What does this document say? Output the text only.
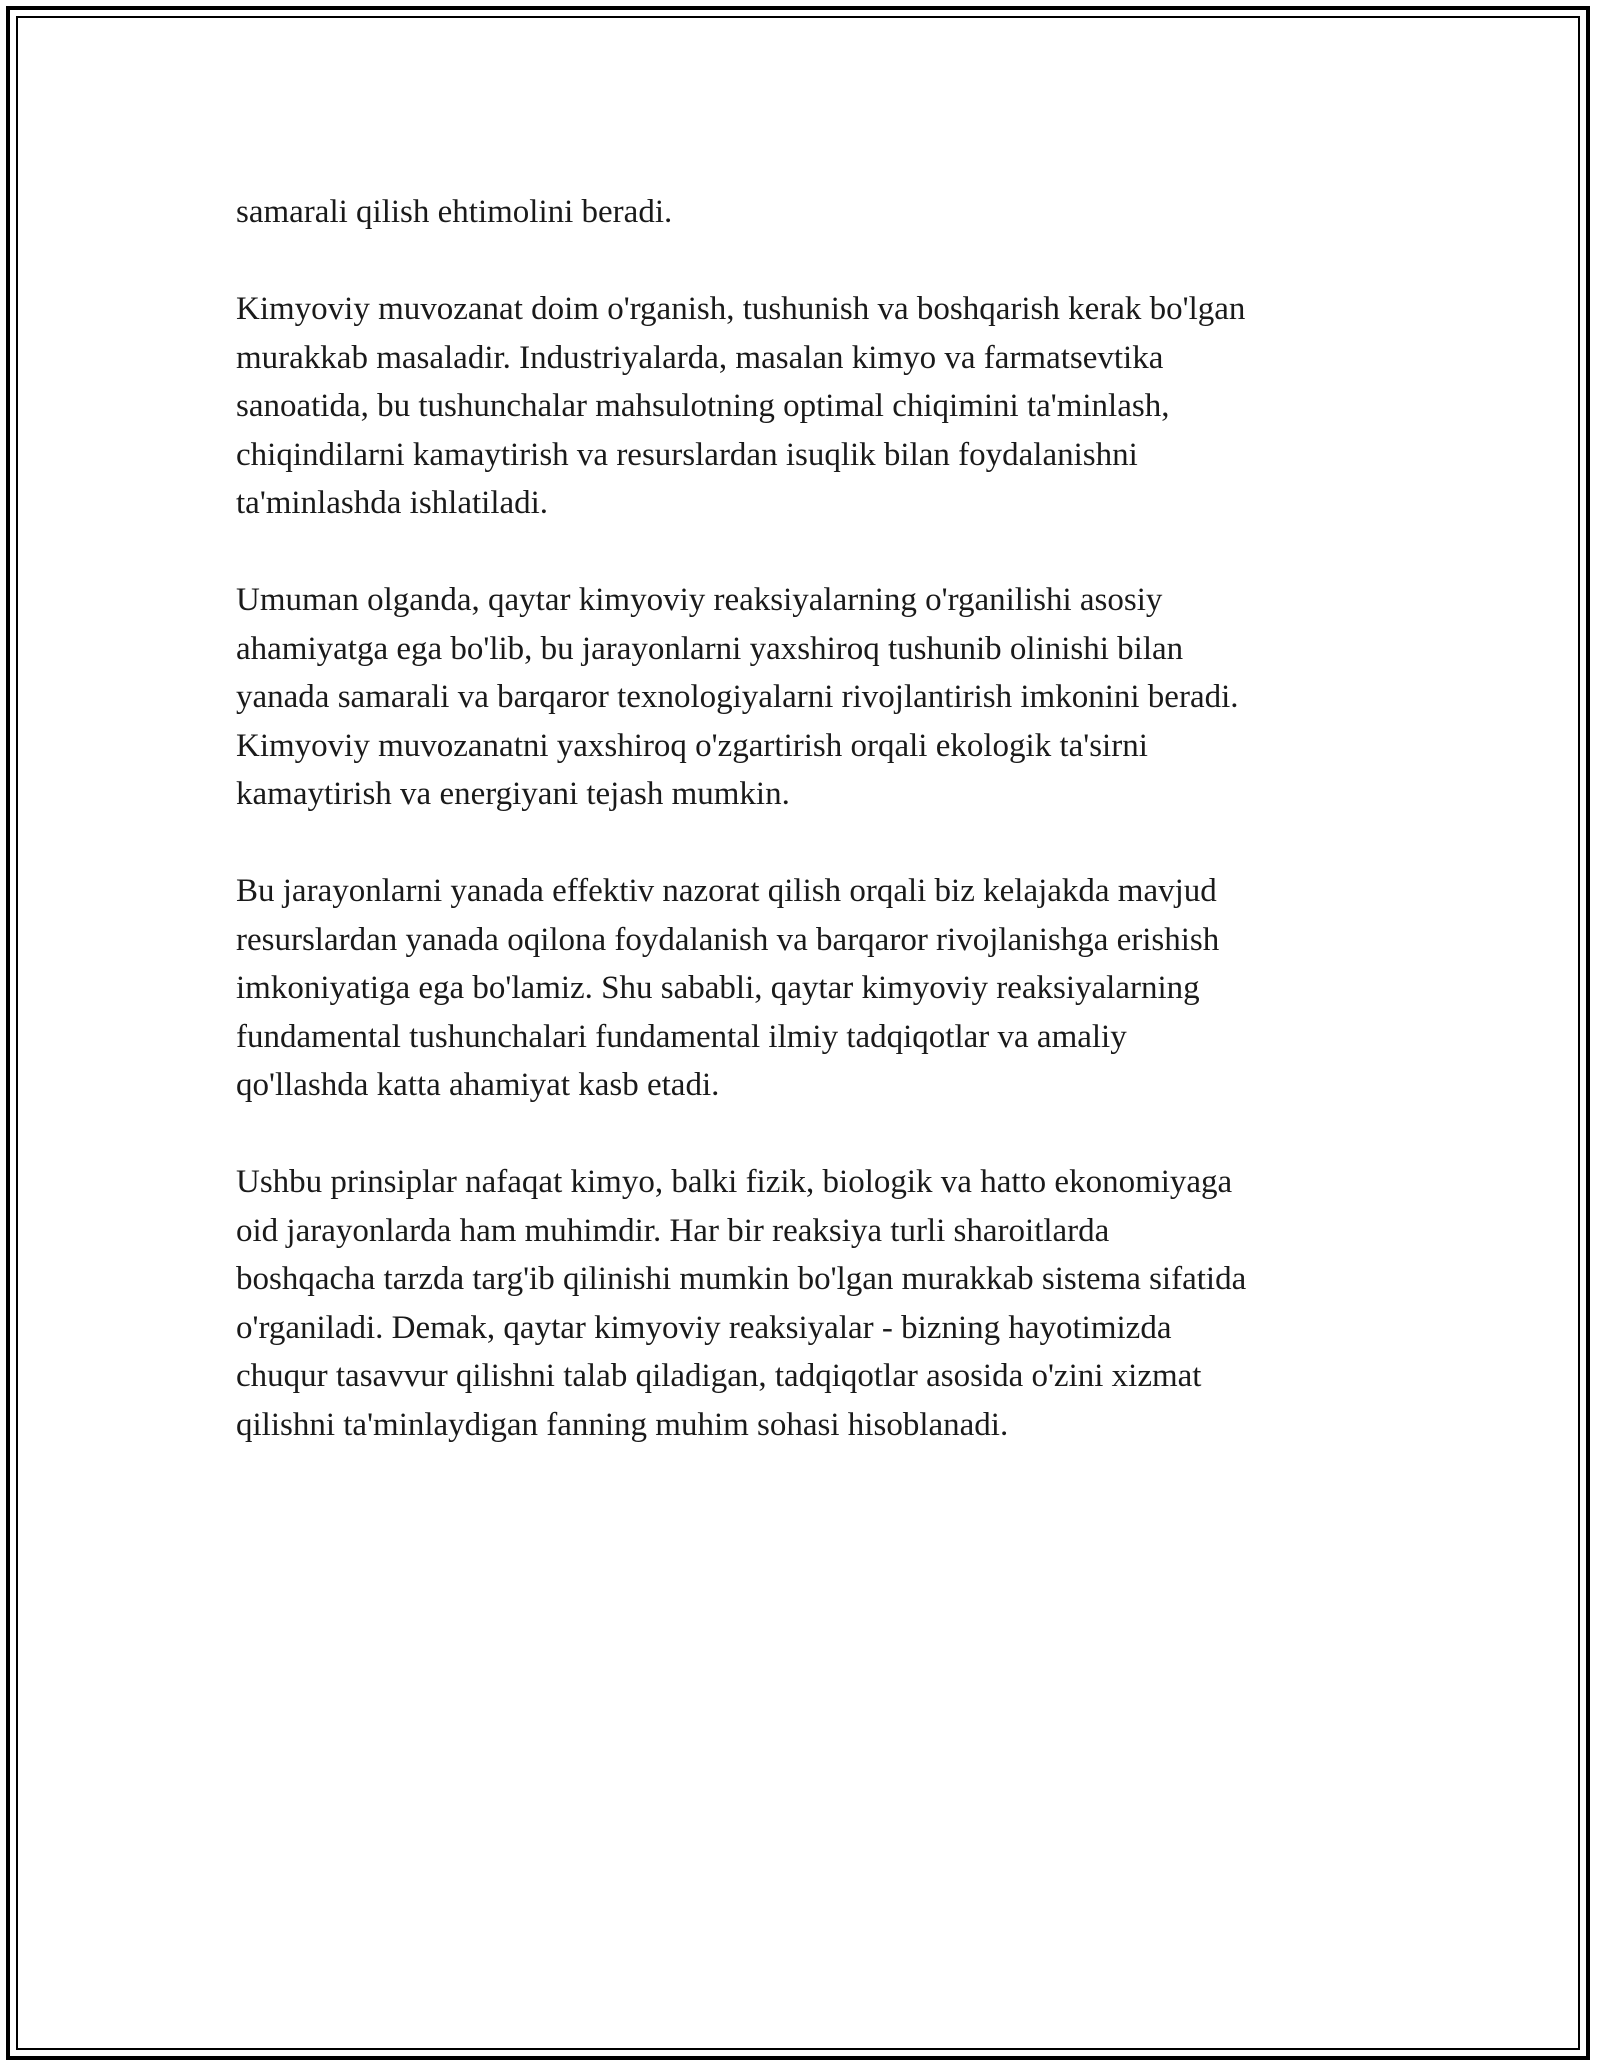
samarali qilish ehtimolini beradi.

Kimyoviy muvozanat doim o'rganish, tushunish va boshqarish kerak bo'lgan
murakkab masaladir. Industriyalarda, masalan kimyo va farmatsevtika
sanoatida, bu tushunchalar mahsulotning optimal chiqimini ta'minlash,
chiqindilarni kamaytirish va resurslardan isuqlik bilan foydalanishni
ta'minlashda ishlatiladi.

Umuman olganda, qaytar kimyoviy reaksiyalarning o'rganilishi asosiy
ahamiyatga ega bo'lib, bu jarayonlarni yaxshiroq tushunib olinishi bilan
yanada samarali va barqaror texnologiyalarni rivojlantirish imkonini beradi.
Kimyoviy muvozanatni yaxshiroq o'zgartirish orqali ekologik ta'sirni
kamaytirish va energiyani tejash mumkin.

Bu jarayonlarni yanada effektiv nazorat qilish orqali biz kelajakda mavjud
resurslardan yanada oqilona foydalanish va barqaror rivojlanishga erishish
imkoniyatiga ega bo'lamiz. Shu sababli, qaytar kimyoviy reaksiyalarning
fundamental tushunchalari fundamental ilmiy tadqiqotlar va amaliy
qo'llashda katta ahamiyat kasb etadi.

Ushbu prinsiplar nafaqat kimyo, balki fizik, biologik va hatto ekonomiyaga
oid jarayonlarda ham muhimdir. Har bir reaksiya turli sharoitlarda
boshqacha tarzda targ'ib qilinishi mumkin bo'lgan murakkab sistema sifatida
o'rganiladi. Demak, qaytar kimyoviy reaksiyalar - bizning hayotimizda
chuqur tasavvur qilishni talab qiladigan, tadqiqotlar asosida o'zini xizmat
qilishni ta'minlaydigan fanning muhim sohasi hisoblanadi.
